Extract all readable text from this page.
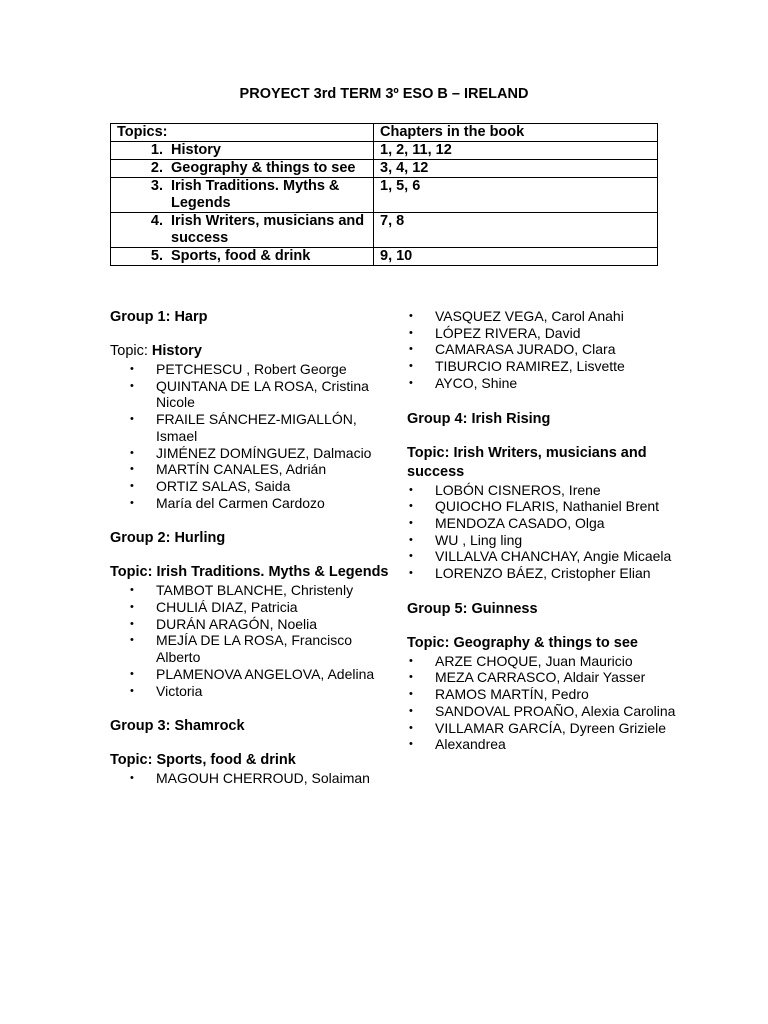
PROYECT 3rd TERM 3º ESO B – IRELAND
Topics:	Chapters in the book

1. History	1, 2, 11, 12

2. Geography & things to see	3, 4, 12

3. Irish Traditions. Myths & Legends	1, 5, 6

4. Irish Writers, musicians and success	7, 8

5. Sports, food & drink	9, 10

Group 1: Harp

Topic: History

• PETCHESCU , Robert George
• QUINTANA DE LA ROSA, Cristina Nicole
• FRAILE SÁNCHEZ-MIGALLÓN, Ismael
• JIMÉNEZ DOMÍNGUEZ, Dalmacio
• MARTÍN CANALES, Adrián
• ORTIZ SALAS, Saida
• María del Carmen Cardozo

Group 2: Hurling

Topic: Irish Traditions. Myths & Legends

• TAMBOT BLANCHE, Christenly
• CHULIÁ DIAZ, Patricia
• DURÁN ARAGÓN, Noelia
• MEJÍA DE LA ROSA, Francisco Alberto
• PLAMENOVA ANGELOVA, Adelina
• Victoria

Group 3: Shamrock

Topic: Sports, food & drink

• MAGOUH CHERROUD, Solaiman
• VASQUEZ VEGA, Carol Anahi
• LÓPEZ RIVERA, David
• CAMARASA JURADO, Clara
• TIBURCIO RAMIREZ, Lisvette
• AYCO, Shine

Group 4: Irish Rising

Topic: Irish Writers, musicians and success

• LOBÓN CISNEROS, Irene
• QUIOCHO FLARIS, Nathaniel Brent
• MENDOZA CASADO, Olga
• WU , Ling ling
• VILLALVA CHANCHAY, Angie Micaela
• LORENZO BÁEZ, Cristopher Elian

Group 5: Guinness

Topic: Geography & things to see

• ARZE CHOQUE, Juan Mauricio
• MEZA CARRASCO, Aldair Yasser
• RAMOS MARTÍN, Pedro
• SANDOVAL PROAÑO, Alexia Carolina
• VILLAMAR GARCÍA, Dyreen Griziele
• Alexandrea
